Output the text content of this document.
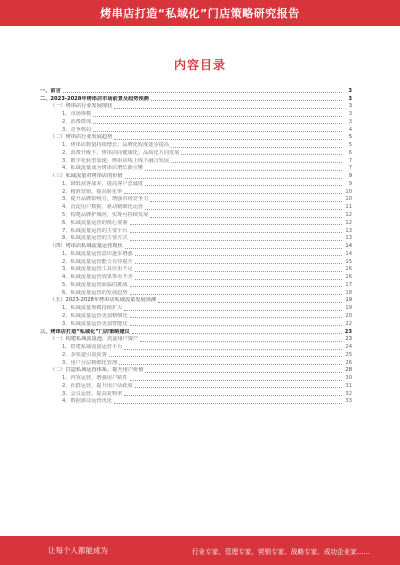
烤串店打造“私域化”门店策略研究报告
内容目录
一、前言	3
二、2023-2028年烤串店市场前景及趋势预测	3
（一）烤串店行业发展现状	3
1、市场规模	3
2、消费群体	3
3、竞争格局	4
（二）烤串店行业发展趋势	5
1、烤串店数量持续增长，品牌化程度逐步提高	5
2、消费升级下，烤串店向健康化、品质化方向发展	6
3、数字化转型加速，烤串店线上线下融合发展	7
4、私域流量成为烤串店增长新引擎	7
（三）私域流量对烤串店的价值	9
1、降低获客成本，提高客户忠诚度	9
2、精准营销，提高转化率	10
3、提升品牌影响力，增强市场竞争力	10
4、沉淀用户数据，驱动精细化运营	11
5、构建品牌护城河，实现可持续发展	12
6、私域流量运营的核心要素	12
7、私域流量运营的主要平台	13
8、私域流量运营的主要方式	13
（四）烤串店私域流量运营现状	14
1、私域流量运营意识逐步增强	14
2、私域流量运营能力有待提升	15
3、私域流量运营工具应用不足	16
4、私域流量运营效果参差不齐	16
5、私域流量运营面临的挑战	17
6、私域流量运营的发展趋势	18
（五）2023-2028年烤串店私域流量发展预测	19
1、私域流量规模持续扩大	19
2、私域流量运营更加精细化	20
3、私域流量运营更加智能化	22
三、烤串店打造“私域化”门店策略建议	23
（一）构建私域流量池，沉淀用户资产	23
1、搭建私域流量运营平台	24
2、多渠道引流获客	25
3、用户分层精细化管理	26
（二）打造私域运营体系，提升用户价值	28
1、内容运营，增强用户粘性	30
2、社群运营，提升用户活跃度	31
3、会员运营，提高复购率	32
4、数据驱动运营优化	33
让每个人都能成为	行业专家、管理专家、营销专家、战略专家、成功企业家……
